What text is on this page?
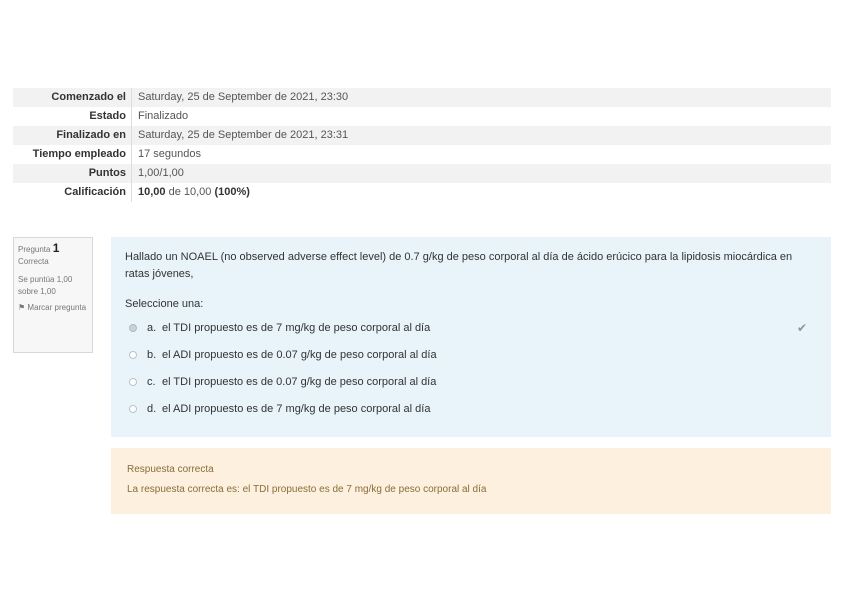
Comenzado el	Saturday, 25 de September de 2021, 23:30
Estado	Finalizado
Finalizado en	Saturday, 25 de September de 2021, 23:31
Tiempo empleado	17 segundos
Puntos	1,00/1,00
Calificación	10,00 de 10,00 (100%)
Pregunta 1
Correcta
Se puntúa 1,00 sobre 1,00
⚑ Marcar pregunta
Hallado un NOAEL (no observed adverse effect level) de 0.7 g/kg de peso corporal al día de ácido erúcico para la lipidosis miocárdica en ratas jóvenes,
Seleccione una:
a. el TDI propuesto es de 7 mg/kg de peso corporal al día	✔
b. el ADI propuesto es de 0.07 g/kg de peso corporal al día
c. el TDI propuesto es de 0.07 g/kg de peso corporal al día
d. el ADI propuesto es de 7 mg/kg de peso corporal al día
Respuesta correcta
La respuesta correcta es: el TDI propuesto es de 7 mg/kg de peso corporal al día
